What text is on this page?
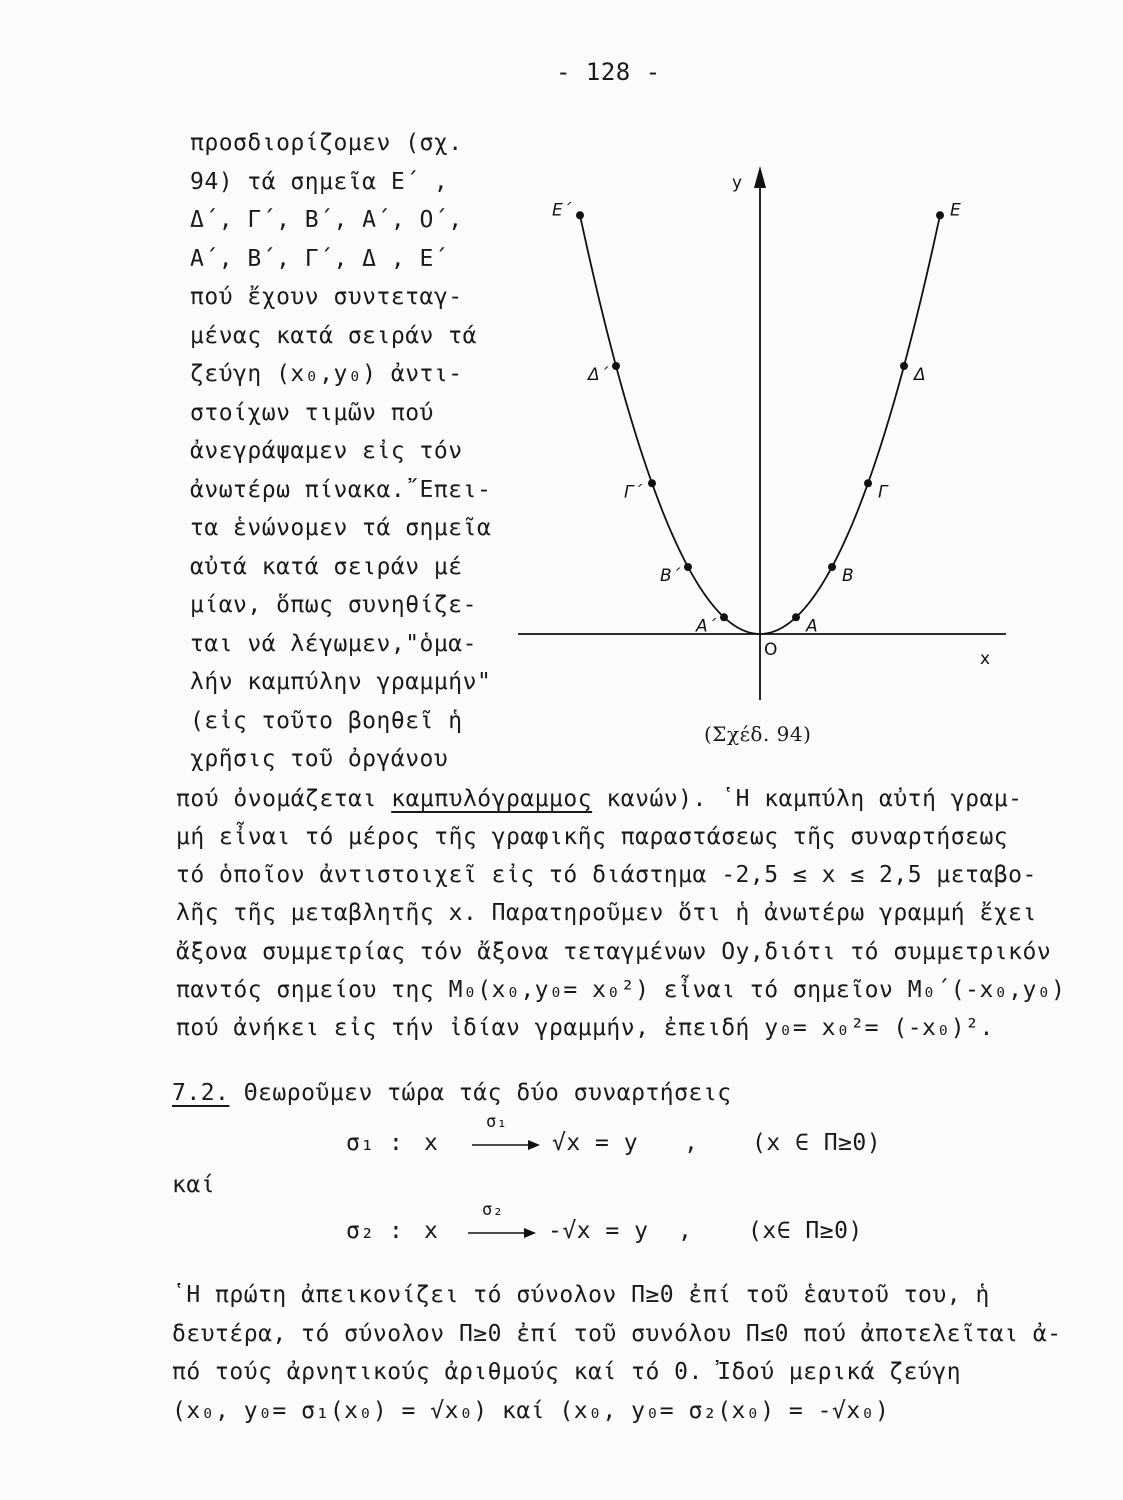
- 128 -
προσδιορίζομεν (σχ.
94) τά σημεῖα Ε΄ ,
Δ΄, Γ΄, Β΄, Α΄, Ο΄,
Α΄, Β΄, Γ΄, Δ , Ε΄
πού ἔχουν συντεταγ-
μένας κατά σειράν τά
ζεύγη (x₀,y₀) ἀντι-
στοίχων τιμῶν πού
ἀνεγράψαμεν εἰς τόν
ἀνωτέρω πίνακα.῎Επει-
τα ἑνώνομεν τά σημεῖα
αὐτά κατά σειράν μέ
μίαν, ὅπως συνηθίζε-
ται νά λέγωμεν,"ὁμα-
λήν καμπύλην γραμμήν"
(εἰς τοῦτο βοηθεῖ ἡ
χρῆσις τοῦ ὀργάνου
πού ὀνομάζεται καμπυλόγραμμος κανών). ῾Η καμπύλη αὐτή γραμ-
μή εἶναι τό μέρος τῆς γραφικῆς παραστάσεως τῆς συναρτήσεως
τό ὁποῖον ἀντιστοιχεῖ εἰς τό διάστημα -2,5 ≤ x ≤ 2,5 μεταβο-
λῆς τῆς μεταβλητῆς x. Παρατηροῦμεν ὅτι ἡ ἀνωτέρω γραμμή ἔχει
ἄξονα συμμετρίας τόν ἄξονα τεταγμένων Oy,διότι τό συμμετρικόν
παντός σημείου της M₀(x₀,y₀= x₀²) εἶναι τό σημεῖον M₀΄(-x₀,y₀)
πού ἀνήκει εἰς τήν ἰδίαν γραμμήν, ἐπειδή y₀= x₀²= (-x₀)².
7.2. Θεωροῦμεν τώρα τάς δύο συναρτήσεις
σ₁ : x
σ₁
√x = y , (x ∈ Π≥0)
καί
σ₂ : x
σ₂
-√x = y , (x∈ Π≥0)
῾Η πρώτη ἀπεικονίζει τό σύνολον Π≥0 ἐπί τοῦ ἑαυτοῦ του, ἡ
δευτέρα, τό σύνολον Π≥0 ἐπί τοῦ συνόλου Π≤0 πού ἀποτελεῖται ἀ-
πό τούς ἀρνητικούς ἀριθμούς καί τό 0. Ἰδού μερικά ζεύγη
(x₀, y₀= σ₁(x₀) = √x₀) καί (x₀, y₀= σ₂(x₀) = -√x₀)
y
x
O
E΄
Δ΄
Γ΄
B΄
A΄	A
B
Γ
Δ
E
(Σχέδ. 94)
